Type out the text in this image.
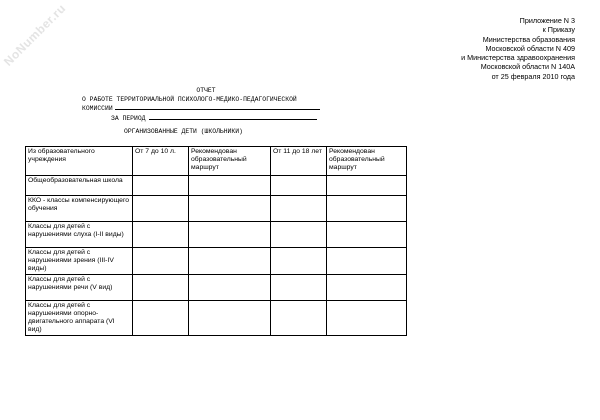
NoNumber.ru	Приложение N 3
к Приказу
Министерства образования
Московской области N 409
и Министерства здравоохранения
Московской области N 140А
от 25 февраля 2010 года
ОТЧЕТ
О РАБОТЕ ТЕРРИТОРИАЛЬНОЙ ПСИХОЛОГО-МЕДИКО-ПЕДАГОГИЧЕСКОЙ
КОМИССИИ
ЗА ПЕРИОД
ОРГАНИЗОВАННЫЕ ДЕТИ (ШКОЛЬНИКИ)
Из образовательного учреждения	От 7 до 10 л.	Рекомендован образовательный маршрут	От 11 до 18 лет	Рекомендован образовательный маршрут
Общеобразовательная школа				
ККО - классы компенсирующего обучения				
Классы для детей с нарушениями слуха (I-II виды)				
Классы для детей с нарушениями зрения (III-IV виды)				
Классы для детей с нарушениями речи (V вид)				
Классы для детей с нарушениями опорно-двигательного аппарата (VI вид)				
